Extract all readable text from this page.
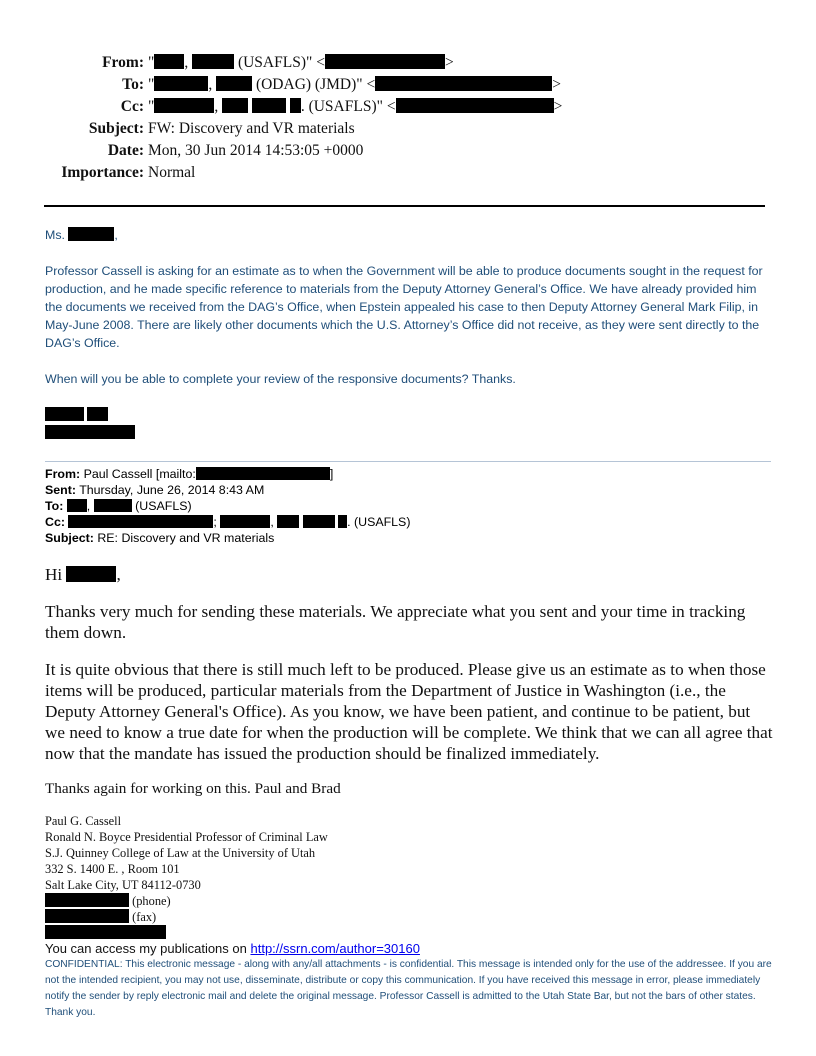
From: " ,	(USAFLS)" <	>
To: "	,	(ODAG) (JMD)" <	>
Cc: "	,	. (USAFLS)" <	>
Subject: FW: Discovery and VR materials
Date: Mon, 30 Jun 2014 14:53:05 +0000
Importance: Normal
Ms.	,
Professor Cassell is asking for an estimate as to when the Government will be able to produce documents sought in the request for production, and he made specific reference to materials from the Deputy Attorney General’s Office. We have already provided him the documents we received from the DAG’s Office, when Epstein appealed his case to then Deputy Attorney General Mark Filip, in May-June 2008. There are likely other documents which the U.S. Attorney’s Office did not receive, as they were sent directly to the DAG’s Office.
When will you be able to complete your review of the responsive documents? Thanks.

From: Paul Cassell [mailto:	]
Sent: Thursday, June 26, 2014 8:43 AM
To: ,	(USAFLS)
Cc:	;	,	. (USAFLS)
Subject: RE: Discovery and VR materials
Hi	,
Thanks very much for sending these materials. We appreciate what you sent and your time in tracking them down.
It is quite obvious that there is still much left to be produced. Please give us an estimate as to when those items will be produced, particular materials from the Department of Justice in Washington (i.e., the Deputy Attorney General's Office). As you know, we have been patient, and continue to be patient, but we need to know a true date for when the production will be complete. We think that we can all agree that now that the mandate has issued the production should be finalized immediately.
Thanks again for working on this. Paul and Brad
Paul G. Cassell
Ronald N. Boyce Presidential Professor of Criminal Law
S.J. Quinney College of Law at the University of Utah
332 S. 1400 E. , Room 101
Salt Lake City, UT 84112-0730
(phone)
(fax)
You can access my publications on http://ssrn.com/author=30160
CONFIDENTIAL: This electronic message - along with any/all attachments - is confidential. This message is intended only for the use of the addressee. If you are not the intended recipient, you may not use, disseminate, distribute or copy this communication. If you have received this message in error, please immediately notify the sender by reply electronic mail and delete the original message. Professor Cassell is admitted to the Utah State Bar, but not the bars of other states. Thank you.
